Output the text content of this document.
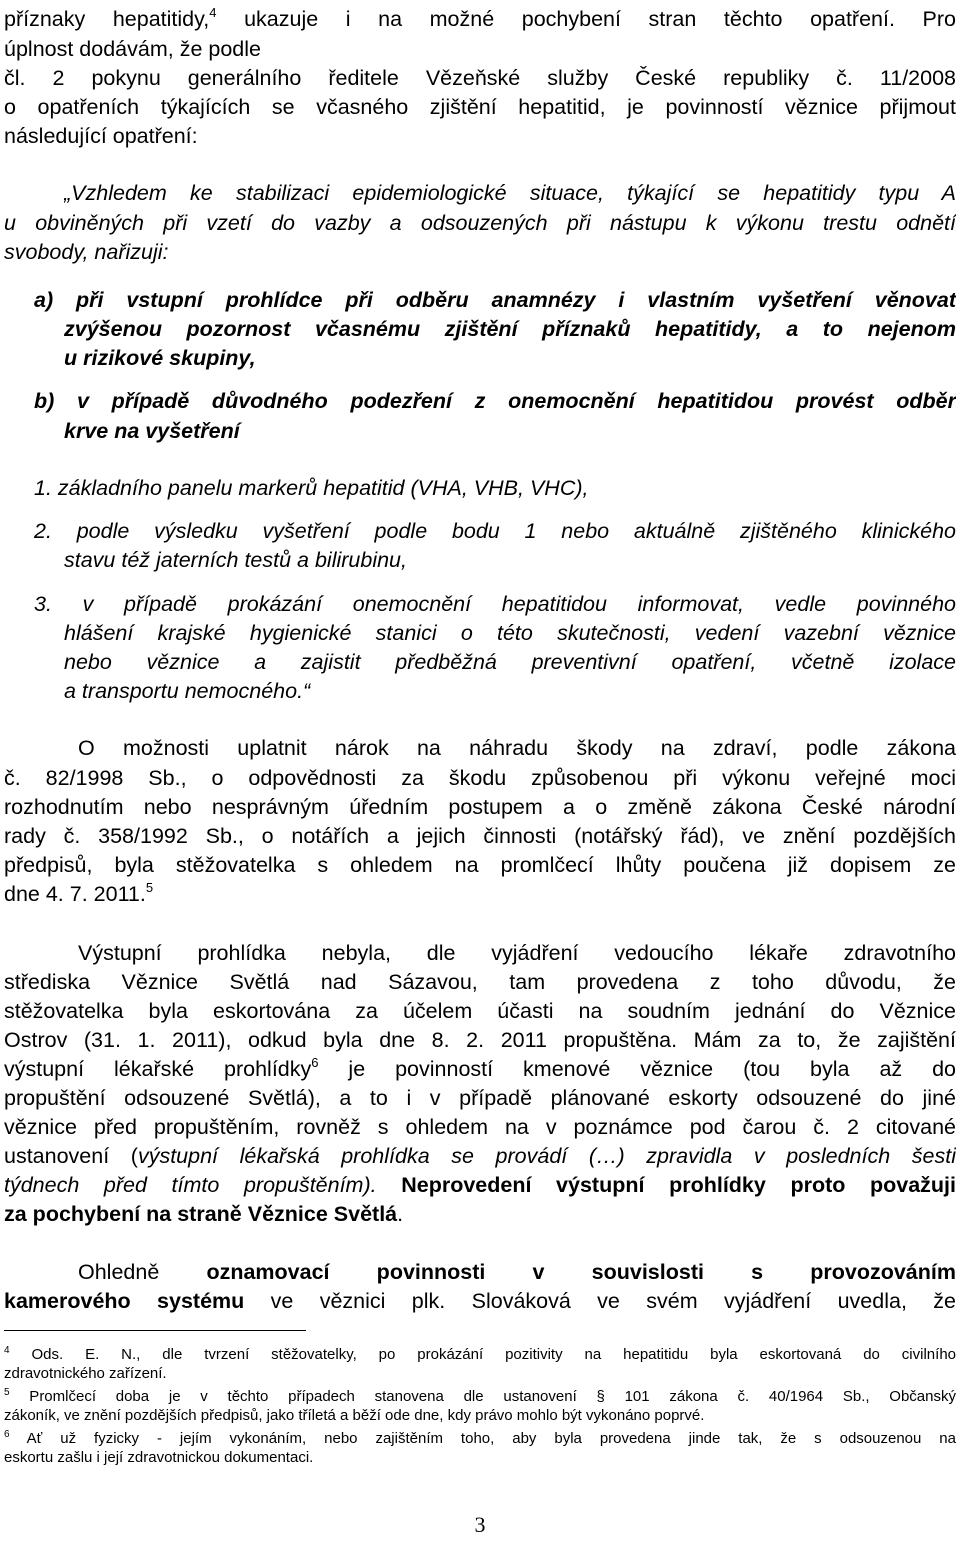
příznaky hepatitidy,$^4$ ukazuje i na možné pochybení stran těchto opatření. Pro
úplnost dodávám, že podle
čl. 2 pokynu generálního ředitele Vězeňské služby České republiky č. 11/2008
o opatřeních týkajících se včasného zjištění hepatitid, je povinností věznice přijmout
následující opatření:
„Vzhledem ke stabilizaci epidemiologické situace, týkající se hepatitidy typu A
u obviněných při vzetí do vazby a odsouzených při nástupu k výkonu trestu odnětí
svobody, nařizuji:
a) při vstupní prohlídce při odběru anamnézy i vlastním vyšetření věnovat
zvýšenou pozornost včasnému zjištění příznaků hepatitidy, a to nejenom
u rizikové skupiny,
b) v případě důvodného podezření z onemocnění hepatitidou provést odběr
krve na vyšetření
1. základního panelu markerů hepatitid (VHA, VHB, VHC),
2. podle výsledku vyšetření podle bodu 1 nebo aktuálně zjištěného klinického
stavu též jaterních testů a bilirubinu,
3. v případě prokázání onemocnění hepatitidou informovat, vedle povinného
hlášení krajské hygienické stanici o této skutečnosti, vedení vazební věznice
nebo věznice a zajistit předběžná preventivní opatření, včetně izolace
a transportu nemocného.“
O možnosti uplatnit nárok na náhradu škody na zdraví, podle zákona
č. 82/1998 Sb., o odpovědnosti za škodu způsobenou při výkonu veřejné moci
rozhodnutím nebo nesprávným úředním postupem a o změně zákona České národní
rady č. 358/1992 Sb., o notářích a jejich činnosti (notářský řád), ve znění pozdějších
předpisů, byla stěžovatelka s ohledem na promlčecí lhůty poučena již dopisem ze
dne 4. 7. 2011.$^5$
Výstupní prohlídka nebyla, dle vyjádření vedoucího lékaře zdravotního
střediska Věznice Světlá nad Sázavou, tam provedena z toho důvodu, že
stěžovatelka byla eskortována za účelem účasti na soudním jednání do Věznice
Ostrov (31. 1. 2011), odkud byla dne 8. 2. 2011 propuštěna. Mám za to, že zajištění
výstupní lékařské prohlídky$^6$ je povinností kmenové věznice (tou byla až do
propuštění odsouzené Světlá), a to i v případě plánované eskorty odsouzené do jiné
věznice před propuštěním, rovněž s ohledem na v poznámce pod čarou č. 2 citované
ustanovení (výstupní lékařská prohlídka se provádí (…) zpravidla v posledních šesti
týdnech před tímto propuštěním). Neprovedení výstupní prohlídky proto považuji
za pochybení na straně Věznice Světlá.
Ohledně oznamovací povinnosti v souvislosti s provozováním
kamerového systému ve věznici plk. Slováková ve svém vyjádření uvedla, že
$^4$ Ods. E. N., dle tvrzení stěžovatelky, po prokázání pozitivity na hepatitidu byla eskortovaná do civilního
zdravotnického zařízení.
$^5$ Promlčecí doba je v těchto případech stanovena dle ustanovení § 101 zákona č. 40/1964 Sb., Občanský
zákoník, ve znění pozdějších předpisů, jako tříletá a běží ode dne, kdy právo mohlo být vykonáno poprvé.
$^6$ Ať už fyzicky - jejím vykonáním, nebo zajištěním toho, aby byla provedena jinde tak, že s odsouzenou na
eskortu zašlu i její zdravotnickou dokumentaci.
3
